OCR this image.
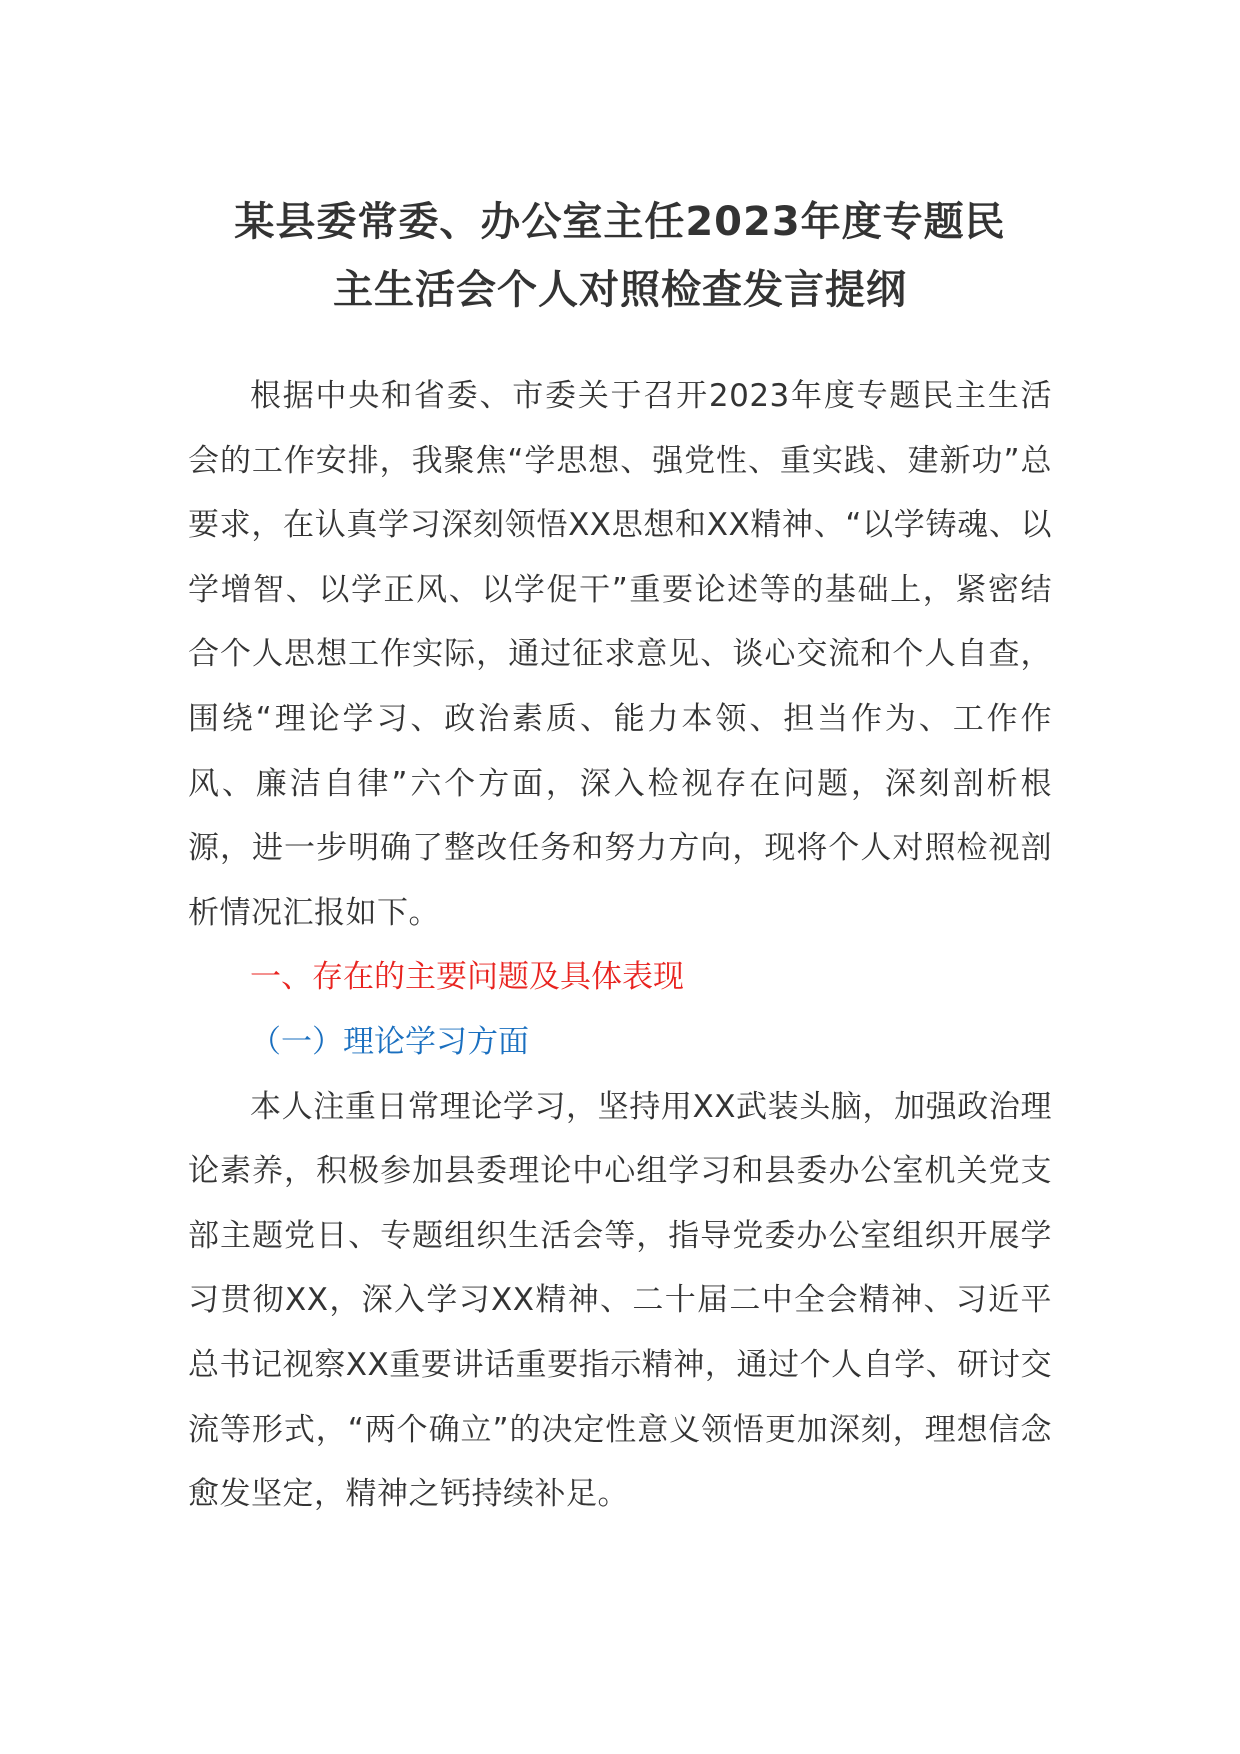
某县委常委、办公室主任2023年度专题民
主生活会个人对照检查发言提纲

根据中央和省委、市委关于召开2023年度专题民主生活会的工作安排，我聚焦“学思想、强党性、重实践、建新功”总要求，在认真学习深刻领悟XX思想和XX精神、“以学铸魂、以学增智、以学正风、以学促干”重要论述等的基础上，紧密结合个人思想工作实际，通过征求意见、谈心交流和个人自查，围绕“理论学习、政治素质、能力本领、担当作为、工作作风、廉洁自律”六个方面，深入检视存在问题，深刻剖析根源，进一步明确了整改任务和努力方向，现将个人对照检视剖析情况汇报如下。

一、存在的主要问题及具体表现

（一）理论学习方面

本人注重日常理论学习，坚持用XX武装头脑，加强政治理论素养，积极参加县委理论中心组学习和县委办公室机关党支部主题党日、专题组织生活会等，指导党委办公室组织开展学习贯彻XX，深入学习XX精神、二十届二中全会精神、习近平总书记视察XX重要讲话重要指示精神，通过个人自学、研讨交流等形式，“两个确立”的决定性意义领悟更加深刻，理想信念愈发坚定，精神之钙持续补足。
